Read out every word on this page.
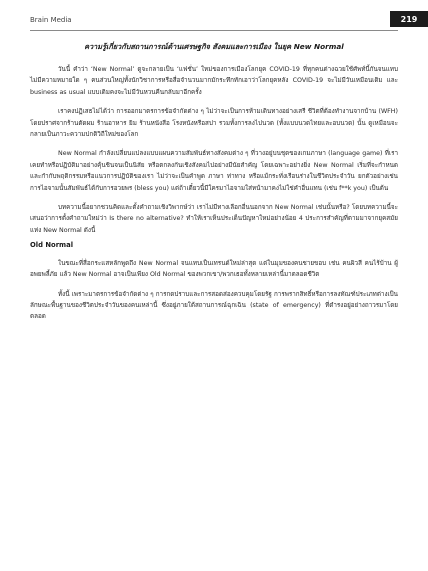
Brain Media	219
ความรู้เกี่ยวกับสถานการณ์ด้านเศรษฐกิจ สังคมและการเมือง ในยุค New Normal

วันนี้ คำว่า ‘New Normal’ ดูจะกลายเป็น ‘แฟชั่น’ ใหม่ของการเมืองโลกยุค COVID-19 ที่ทุกคนต่างฉวยใช้ศัพท์นี้กันจนแทบไม่มีความหมายใด ๆ คนส่วนใหญ่ทั้งนักวิชาการหรือสื่อจำนวนมากมักระทึกทักเอาว่าโลกยุคหลัง COVID-19 จะไม่มีวันเหมือนเดิม และ business as usual แบบเดิมคงจะไม่มีวันหวนคืนกลับมาอีกครั้ง

เราคงปฏิเสธไม่ได้ว่า การออกมาตรการข้อจำกัดต่าง ๆ ไม่ว่าจะเป็นการห้ามเดินทางอย่างเสรี ชีวิตที่ต้องทำงานจากบ้าน (WFH) โดยปราศจากร้านตัดผม ร้านอาหาร ยิม ร้านหนังสือ โรงหนังหรือสปา รวมทั้งการลงไปนวด (ทั้งแบบนวดไทยและอบนวด) นั้น ดูเหมือนจะกลายเป็นภาวะความปกติวิถีใหม่ของโลก

New Normal กำลังเปลี่ยนแปลงแบบแผนความสัมพันธ์ทางสังคมต่าง ๆ ที่วางอยู่บนชุดของเกมภาษา (language game) ที่เราเคยทำหรือปฏิบัติมาอย่างคุ้นชินจนเป็นนิสัย หรือตกลงกันเชิงสังคมไปอย่างมีนัยสำคัญ โดยเฉพาะอย่างยิ่ง New Normal เริ่มที่จะกำหนดและกำกับพฤติกรรมหรือแนวการปฏิบัติของเรา ไม่ว่าจะเป็นคำพูด ภาษา ท่าทาง หรือแม้กระทั่งเรือนร่างในชีวิตประจำวัน ยกตัวอย่างเช่น การไอจามนั้นสัมพันธ์ได้กับการอวยพร (bless you) แต่ถ้าเดี๋ยวนี้มีใครมาไอจามใส่หน้ามาคงไม่ใช่คำอื่นแทน (เช่น f**k you) เป็นต้น

บทความนี้อยากชวนคิดและตั้งคำถามเชิงวิพากษ์ว่า เราไม่มีทางเลือกอื่นนอกจาก New Normal เช่นนั้นหรือ? โดยบทความนี้จะเสนอว่าการตั้งคำถามใหม่ว่า Is there no alternative? ทำให้เราเห็นประเด็นปัญหาใหม่อย่างน้อย 4 ประการสำคัญที่ตามมาจากยุคสมัยแห่ง New Normal ดังนี้

Old Normal

ในขณะที่สื่อกระแสหลักพูดถึง New Normal จนแทบเป็นเทรนด์ใหม่ล่าสุด แต่ในมุมของคนชายขอบ เช่น คนผิวสี คนไร้บ้าน ผู้อพยพลี้ภัย แล้ว New Normal อาจเป็นเพียง Old Normal ของพวกเขา/พวกเธอทั้งหลายเหล่านี้มาตลอดชีวิต

ทั้งนี้ เพราะมาตรการข้อจำกัดต่าง ๆ การกดปราบและการสอดส่องควบคุมโดยรัฐ การพรากสิทธิ์หรือการลงทัณฑ์ประเภทต่างเป็นลักษณะพื้นฐานของชีวิตประจำวันของคนเหล่านี้ ซึ่งอยู่ภายใต้สถานการณ์ฉุกเฉิน (state of emergency) ที่ดำรงอยู่อย่างถาวรมาโดยตลอด
